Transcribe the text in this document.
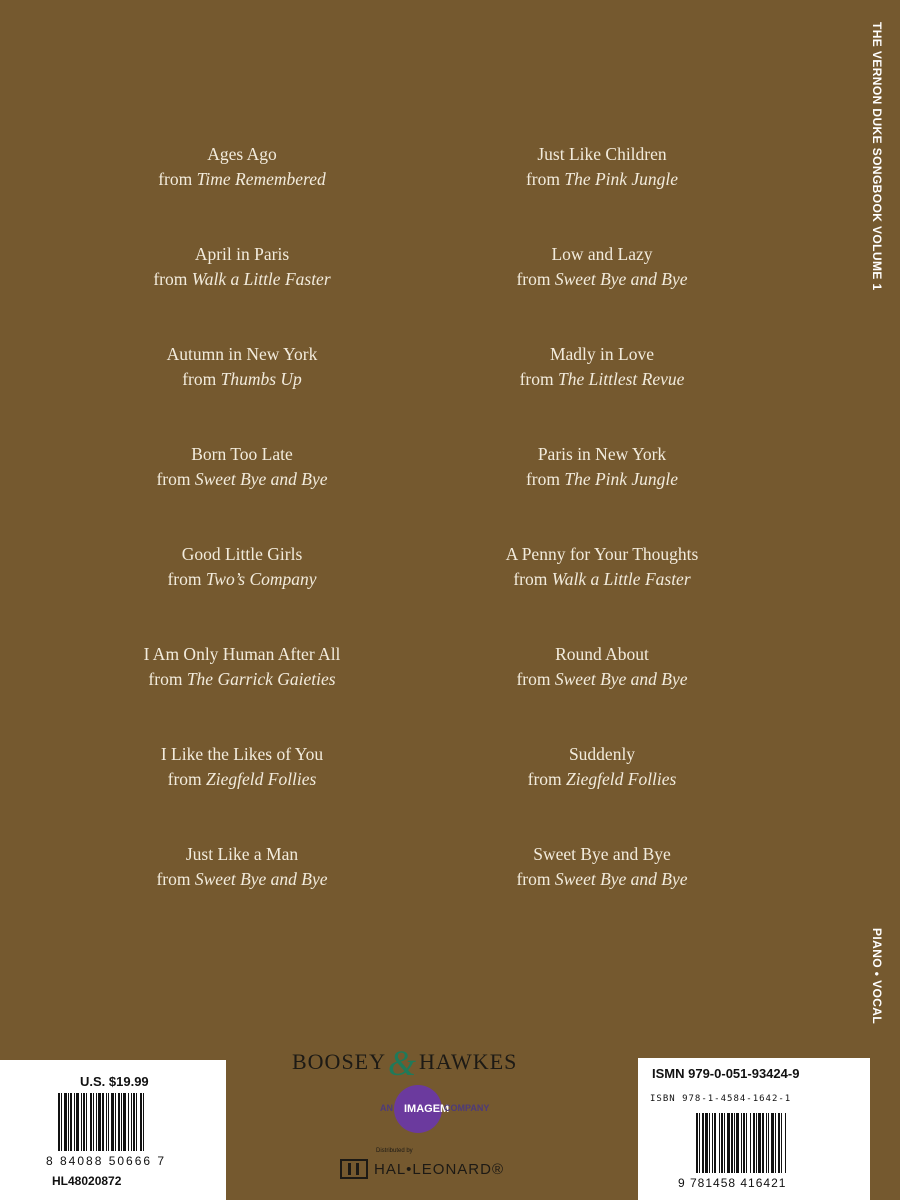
THE VERNON DUKE SONGBOOK VOLUME 1
PIANO • VOCAL
Ages Ago
from Time Remembered
April in Paris
from Walk a Little Faster
Autumn in New York
from Thumbs Up
Born Too Late
from Sweet Bye and Bye
Good Little Girls
from Two’s Company
I Am Only Human After All
from The Garrick Gaieties
I Like the Likes of You
from Ziegfeld Follies
Just Like a Man
from Sweet Bye and Bye
Just Like Children
from The Pink Jungle
Low and Lazy
from Sweet Bye and Bye
Madly in Love
from The Littlest Revue
Paris in New York
from The Pink Jungle
A Penny for Your Thoughts
from Walk a Little Faster
Round About
from Sweet Bye and Bye
Suddenly
from Ziegfeld Follies
Sweet Bye and Bye
from Sweet Bye and Bye
BOOSEY&HAWKES
AN IMAGEM
COMPANY
Distributed by
HAL•LEONARD®
U.S. $19.99
8 84088 50666 7
HL48020872
ISMN 979-0-051-93424-9
ISBN 978-1-4584-1642-1
9 781458 416421
